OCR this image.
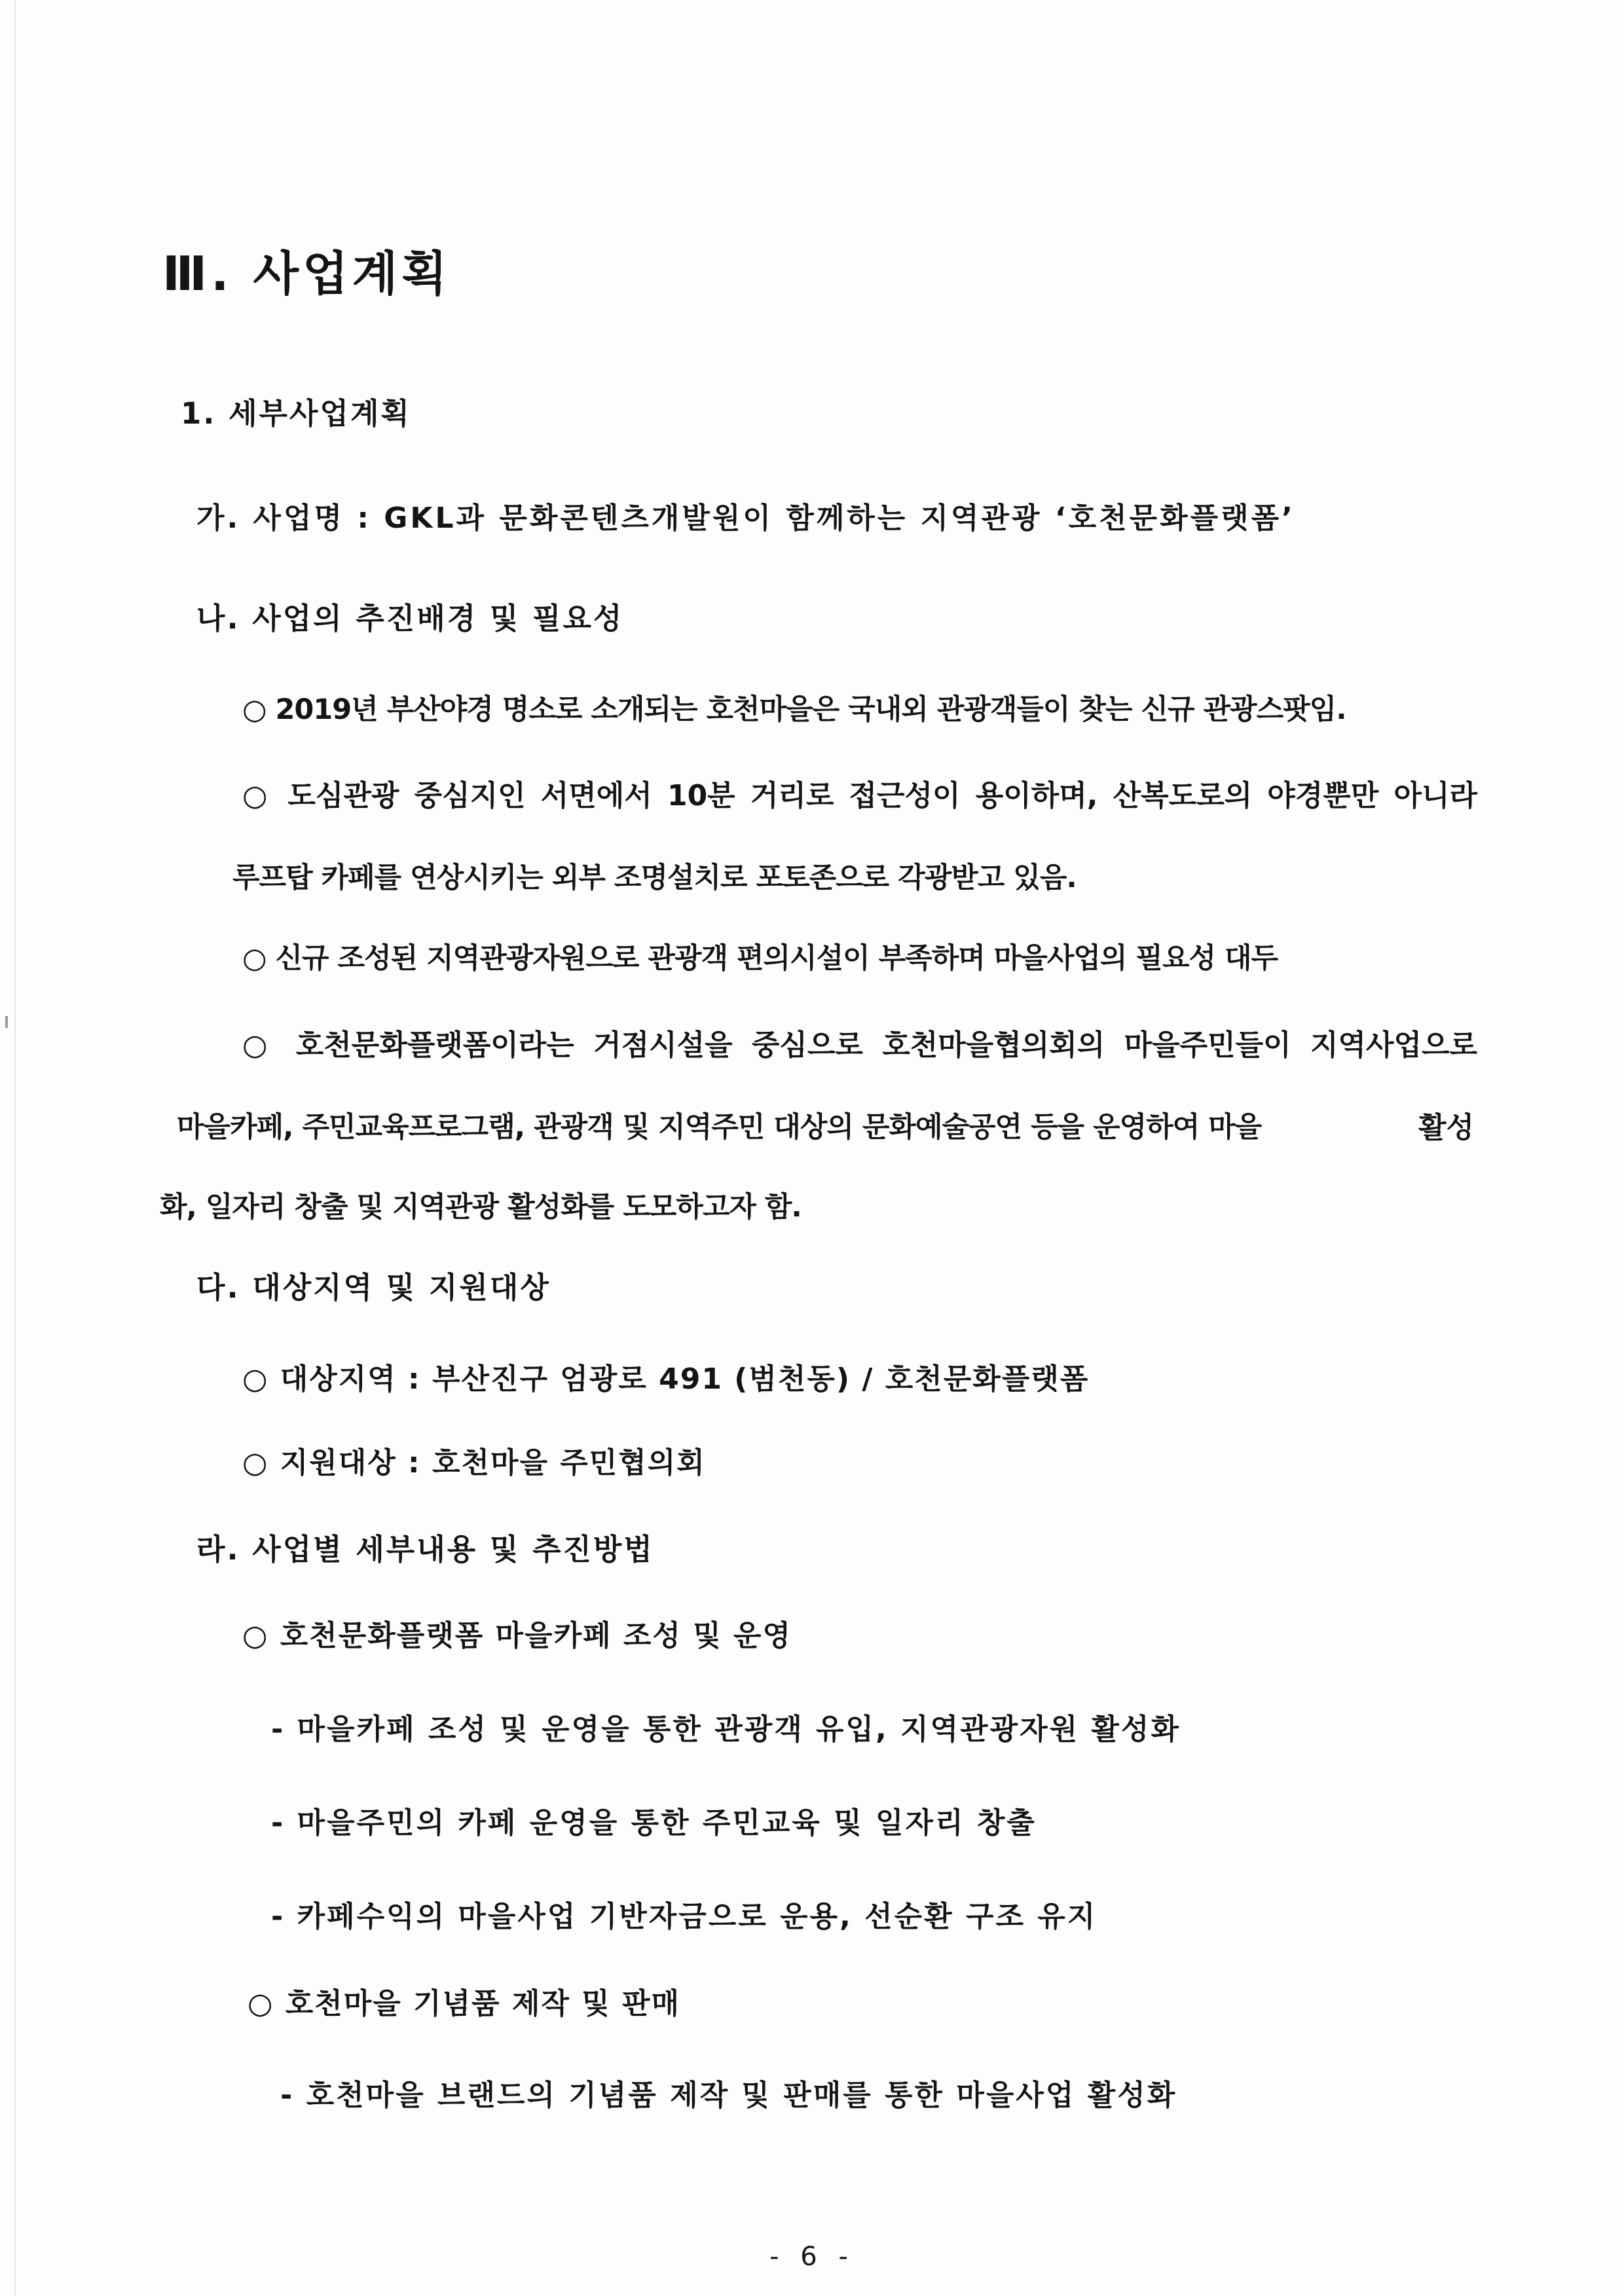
Ⅲ. 사업계획
1. 세부사업계획
가. 사업명 : GKL과 문화콘텐츠개발원이 함께하는 지역관광 ‘호천문화플랫폼’
나. 사업의 추진배경 및 필요성
○ 2019년 부산야경 명소로 소개되는 호천마을은 국내외 관광객들이 찾는 신규 관광스팟임.
○ 도심관광 중심지인 서면에서 10분 거리로 접근성이 용이하며, 산복도로의 야경뿐만 아니라
루프탑 카페를 연상시키는 외부 조명설치로 포토존으로 각광받고 있음.
○ 신규 조성된 지역관광자원으로 관광객 편의시설이 부족하며 마을사업의 필요성 대두
○ 호천문화플랫폼이라는 거점시설을 중심으로 호천마을협의회의 마을주민들이 지역사업으로
마을카페, 주민교육프로그램, 관광객 및 지역주민 대상의 문화예술공연 등을 운영하여 마을	활성
화, 일자리 창출 및 지역관광 활성화를 도모하고자 함.
다. 대상지역 및 지원대상
○ 대상지역 : 부산진구 엄광로 491 (범천동) / 호천문화플랫폼
○ 지원대상 : 호천마을 주민협의회
라. 사업별 세부내용 및 추진방법
○ 호천문화플랫폼 마을카페 조성 및 운영
- 마을카페 조성 및 운영을 통한 관광객 유입, 지역관광자원 활성화
- 마을주민의 카페 운영을 통한 주민교육 및 일자리 창출
- 카페수익의 마을사업 기반자금으로 운용, 선순환 구조 유지
○ 호천마을 기념품 제작 및 판매
- 호천마을 브랜드의 기념품 제작 및 판매를 통한 마을사업 활성화
- 6 -
